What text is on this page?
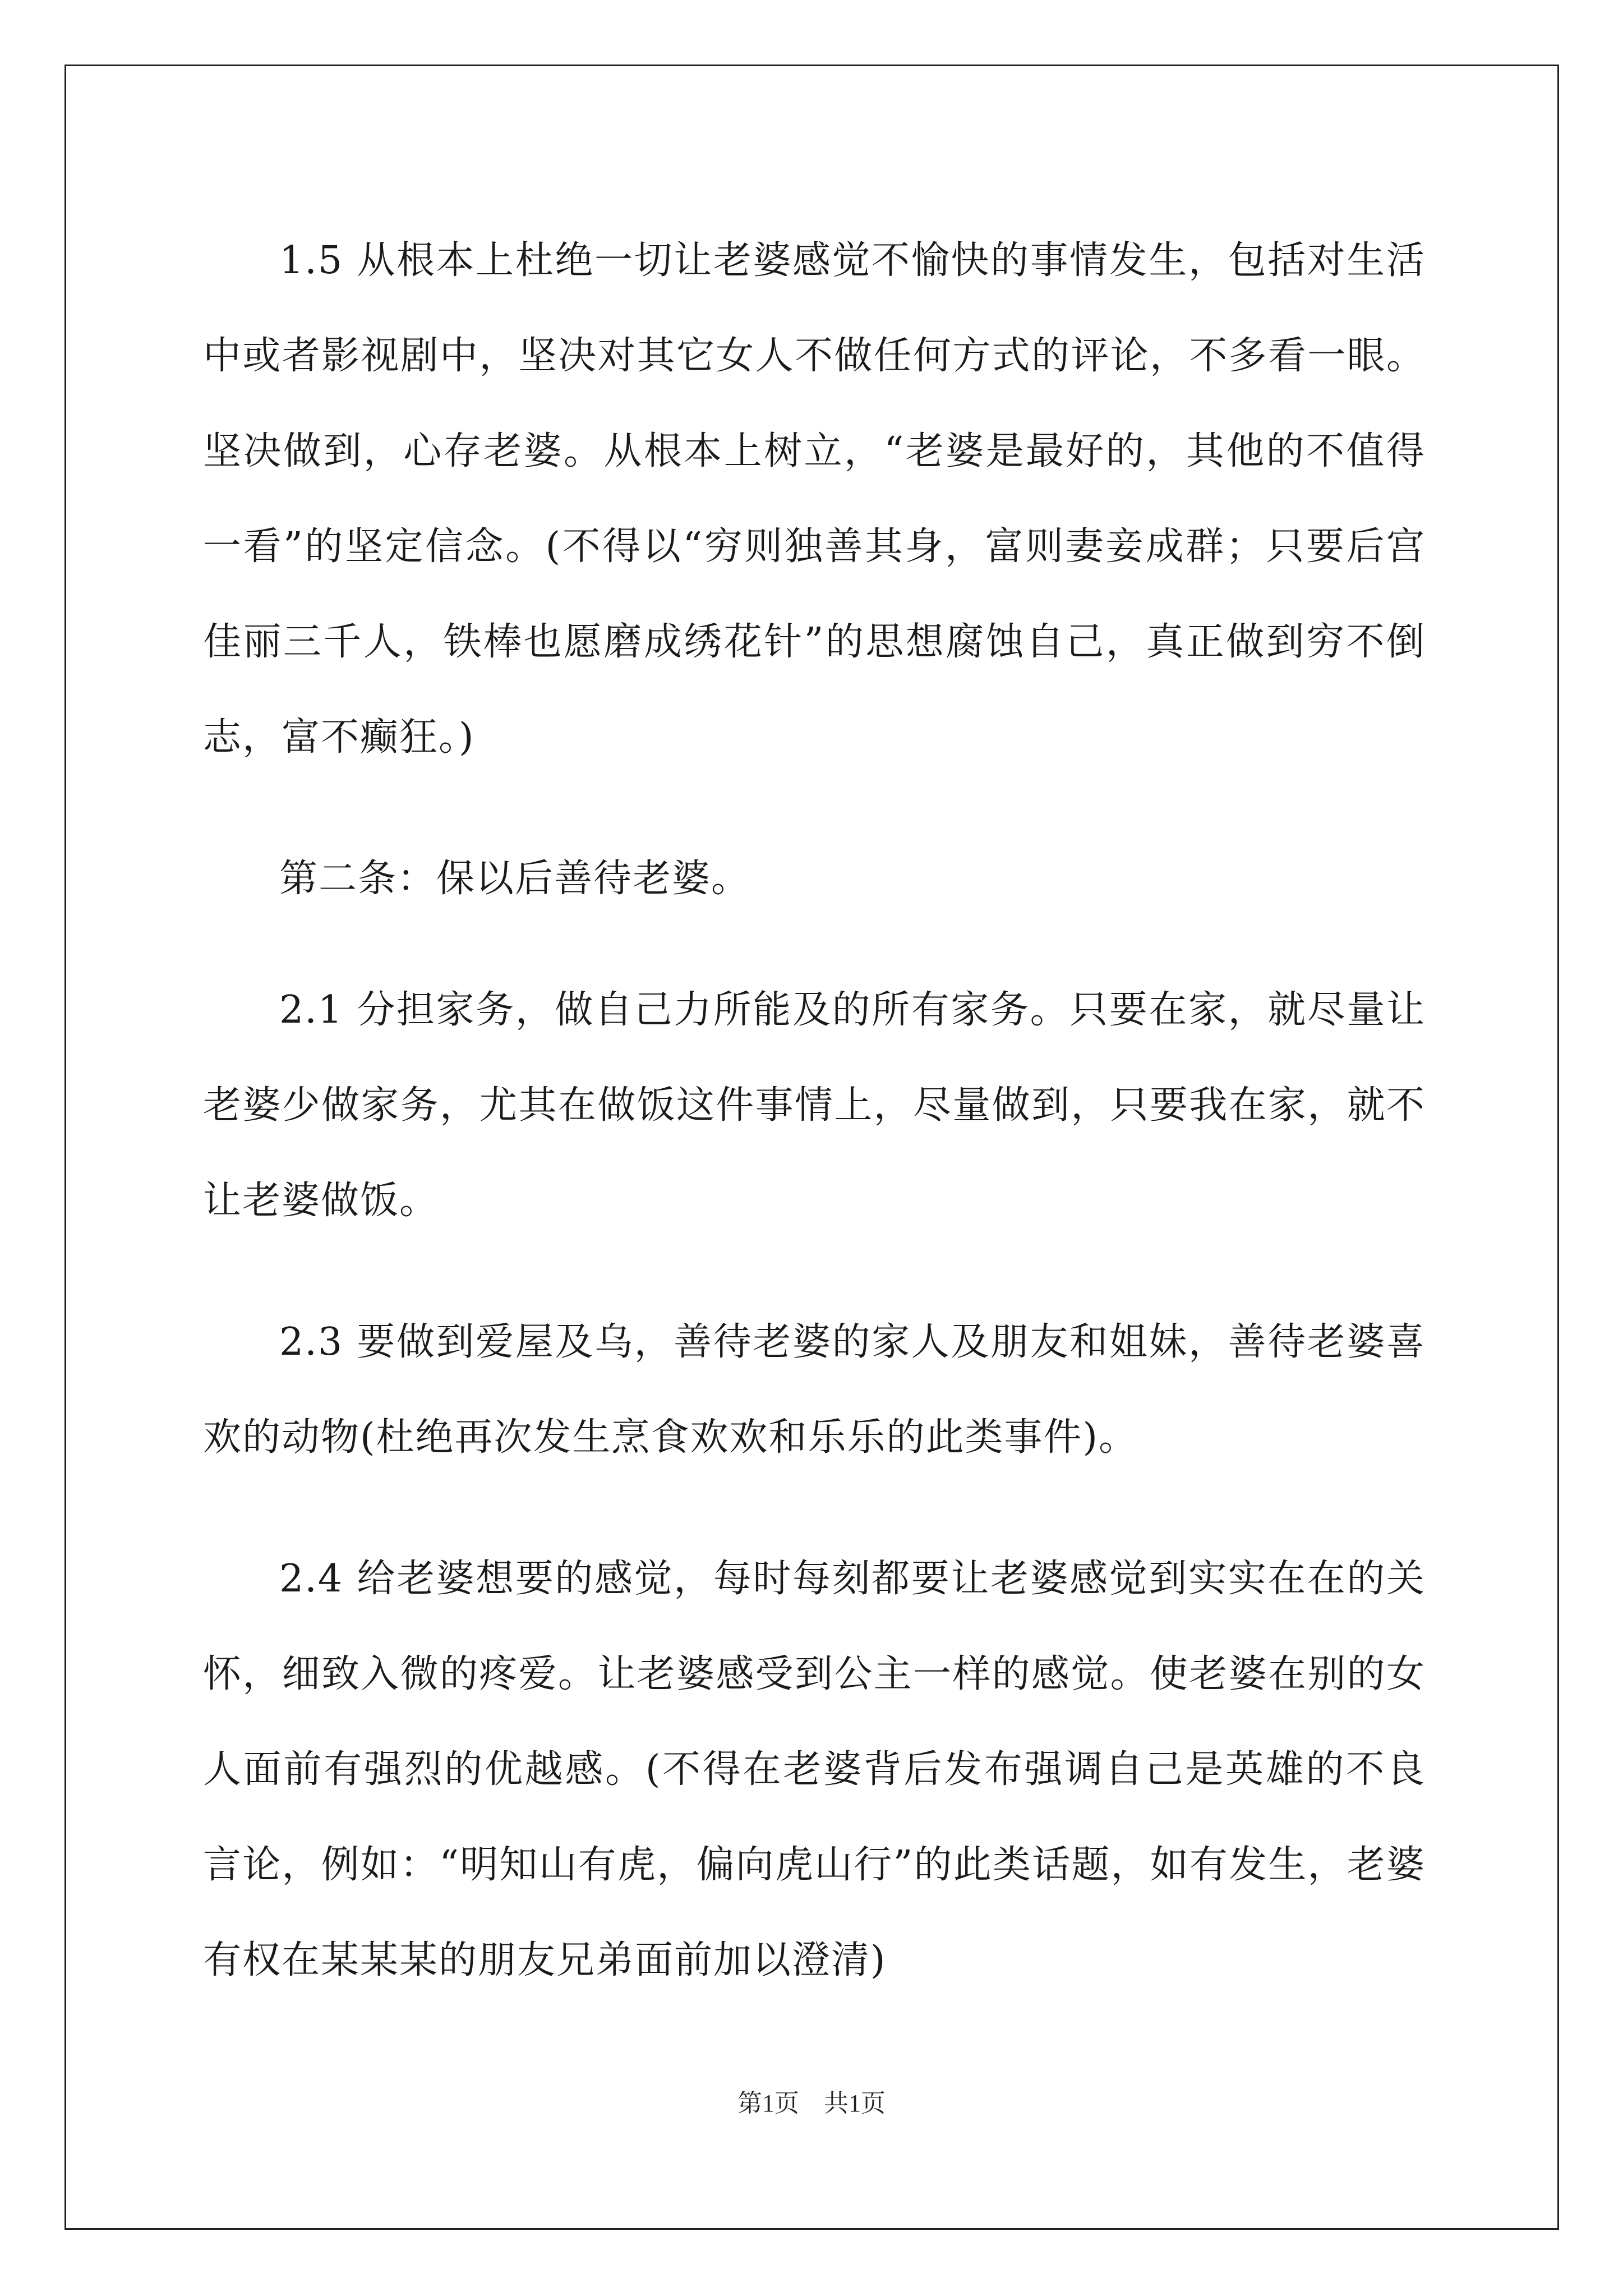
1.5 从根本上杜绝一切让老婆感觉不愉快的事情发生，包括对生活中或者影视剧中，坚决对其它女人不做任何方式的评论，不多看一眼。坚决做到，心存老婆。从根本上树立，“老婆是最好的，其他的不值得一看”的坚定信念。(不得以“穷则独善其身，富则妻妾成群；只要后宫佳丽三千人，铁棒也愿磨成绣花针”的思想腐蚀自己，真正做到穷不倒志，富不癫狂。)

第二条：保以后善待老婆。

2.1 分担家务，做自己力所能及的所有家务。只要在家，就尽量让老婆少做家务，尤其在做饭这件事情上，尽量做到，只要我在家，就不让老婆做饭。

2.3 要做到爱屋及乌，善待老婆的家人及朋友和姐妹，善待老婆喜欢的动物(杜绝再次发生烹食欢欢和乐乐的此类事件)。

2.4 给老婆想要的感觉，每时每刻都要让老婆感觉到实实在在的关怀，细致入微的疼爱。让老婆感受到公主一样的感觉。使老婆在别的女人面前有强烈的优越感。(不得在老婆背后发布强调自己是英雄的不良言论，例如：“明知山有虎，偏向虎山行”的此类话题，如有发生，老婆有权在某某某的朋友兄弟面前加以澄清)

第1页　共1页
